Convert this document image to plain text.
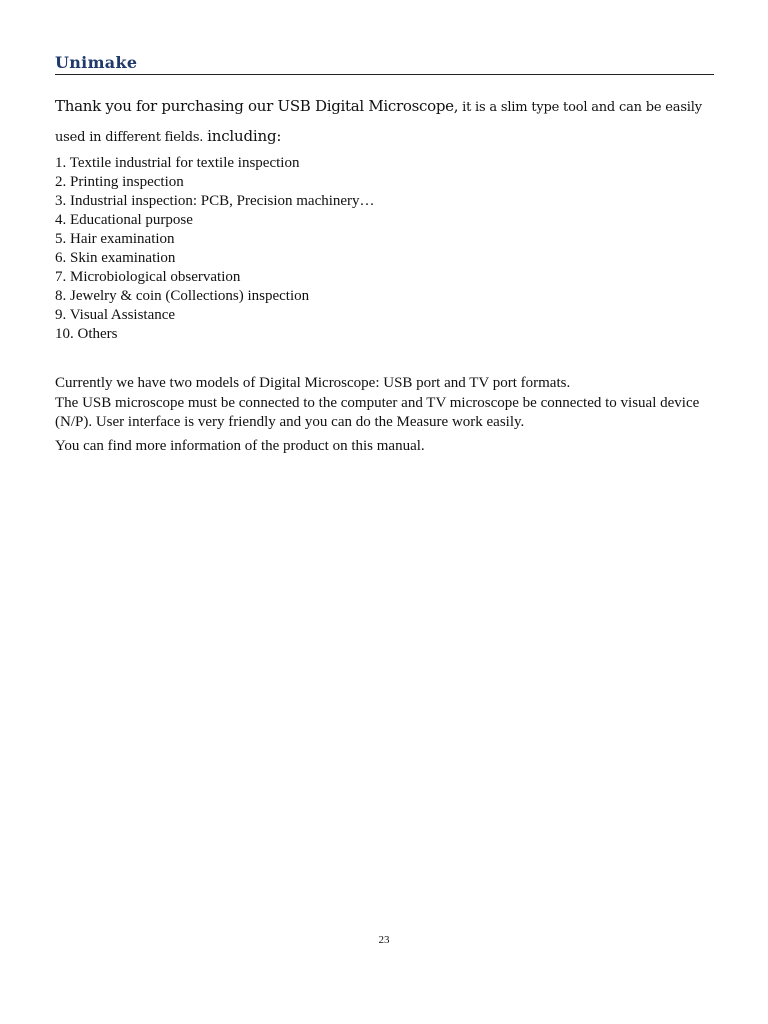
Unimake
Thank you for purchasing our USB Digital Microscope, it is a slim type tool and can be easily used in different fields. including:
1. Textile industrial for textile inspection
2. Printing inspection
3. Industrial inspection: PCB, Precision machinery…
4. Educational purpose
5. Hair examination
6. Skin examination
7. Microbiological observation
8. Jewelry & coin (Collections) inspection
9. Visual Assistance
10. Others

Currently we have two models of Digital Microscope: USB port and TV port formats.

The USB microscope must be connected to the computer and TV microscope be connected to visual device (N/P). User interface is very friendly and you can do the Measure work easily.

You can find more information of the product on this manual.

23
